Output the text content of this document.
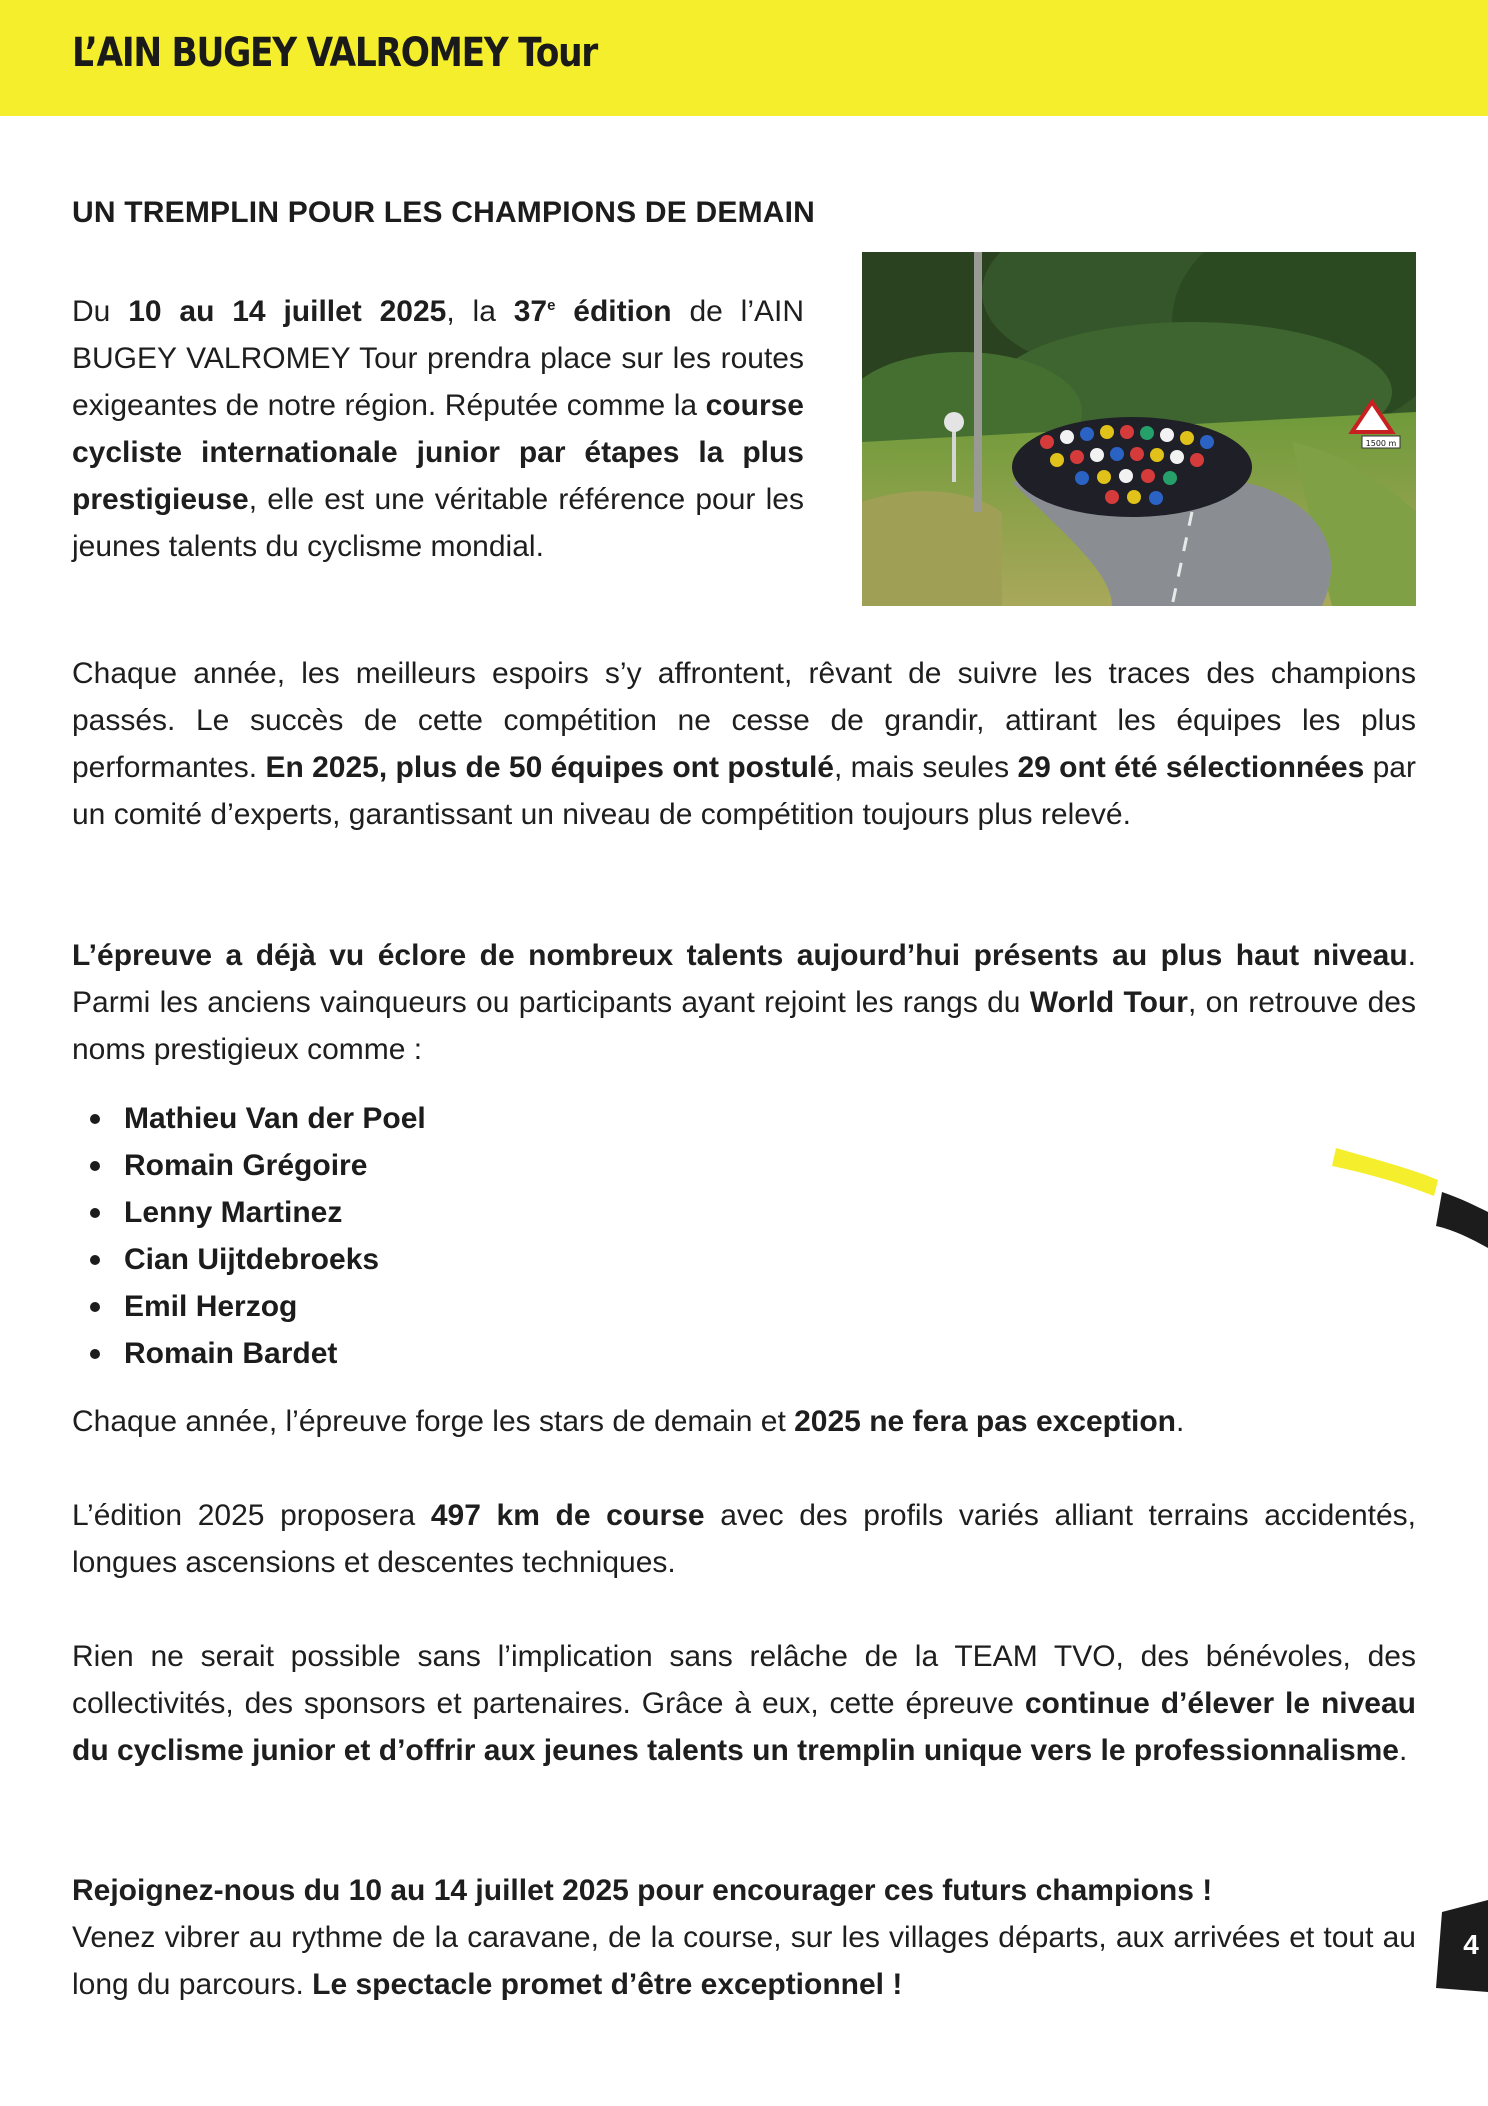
L’AIN BUGEY VALROMEY Tour
UN TREMPLIN POUR LES CHAMPIONS DE DEMAIN

Du 10 au 14 juillet 2025, la 37e édition de l’AIN BUGEY VALROMEY Tour prendra place sur les routes exigeantes de notre région. Réputée comme la course cycliste internationale junior par étapes la plus prestigieuse, elle est une véritable référence pour les jeunes talents du cyclisme mondial.

1500 m

Chaque année, les meilleurs espoirs s’y affrontent, rêvant de suivre les traces des champions passés. Le succès de cette compétition ne cesse de grandir, attirant les équipes les plus performantes. En 2025, plus de 50 équipes ont postulé, mais seules 29 ont été sélectionnées par un comité d’experts, garantissant un niveau de compétition toujours plus relevé.

L’épreuve a déjà vu éclore de nombreux talents aujourd’hui présents au plus haut niveau. Parmi les anciens vainqueurs ou participants ayant rejoint les rangs du World Tour, on retrouve des noms prestigieux comme :

Mathieu Van der Poel
Romain Grégoire
Lenny Martinez
Cian Uijtdebroeks
Emil Herzog
Romain Bardet

Chaque année, l’épreuve forge les stars de demain et 2025 ne fera pas exception.

L’édition 2025 proposera 497 km de course avec des profils variés alliant terrains accidentés, longues ascensions et descentes techniques.

Rien ne serait possible sans l’implication sans relâche de la TEAM TVO, des bénévoles, des collectivités, des sponsors et partenaires. Grâce à eux, cette épreuve continue d’élever le niveau du cyclisme junior et d’offrir aux jeunes talents un tremplin unique vers le professionnalisme.

Rejoignez-nous du 10 au 14 juillet 2025 pour encourager ces futurs champions !
Venez vibrer au rythme de la caravane, de la course, sur les villages départs, aux arrivées et tout au long du parcours. Le spectacle promet d’être exceptionnel !

4
